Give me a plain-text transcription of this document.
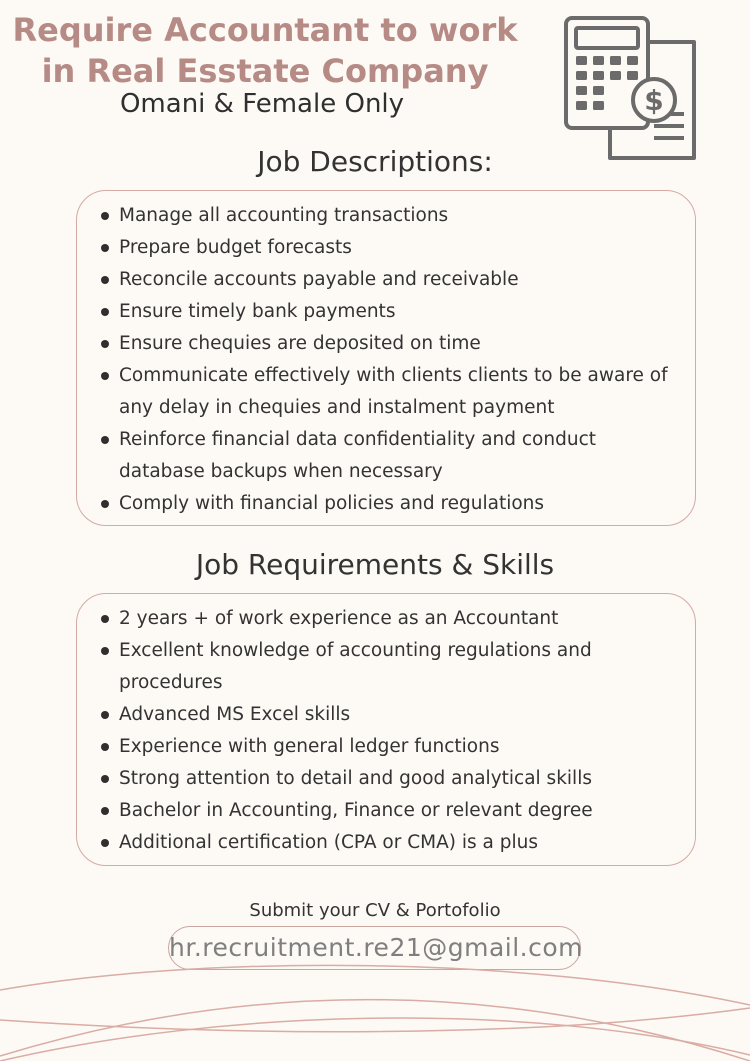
Require Accountant to work
in Real Esstate Company
Omani & Female Only	$
Job Descriptions:
Manage all accounting transactions
Prepare budget forecasts
Reconcile accounts payable and receivable
Ensure timely bank payments
Ensure chequies are deposited on time
Communicate effectively with clients clients to be aware of any delay in chequies and instalment payment
Reinforce financial data confidentiality and conduct database backups when necessary
Comply with financial policies and regulations
Job Requirements & Skills
2 years + of work experience as an Accountant
Excellent knowledge of accounting regulations and procedures
Advanced MS Excel skills
Experience with general ledger functions
Strong attention to detail and good analytical skills
Bachelor in Accounting, Finance or relevant degree
Additional certification (CPA or CMA) is a plus
Submit your CV & Portofolio
hr.recruitment.re21@gmail.com
